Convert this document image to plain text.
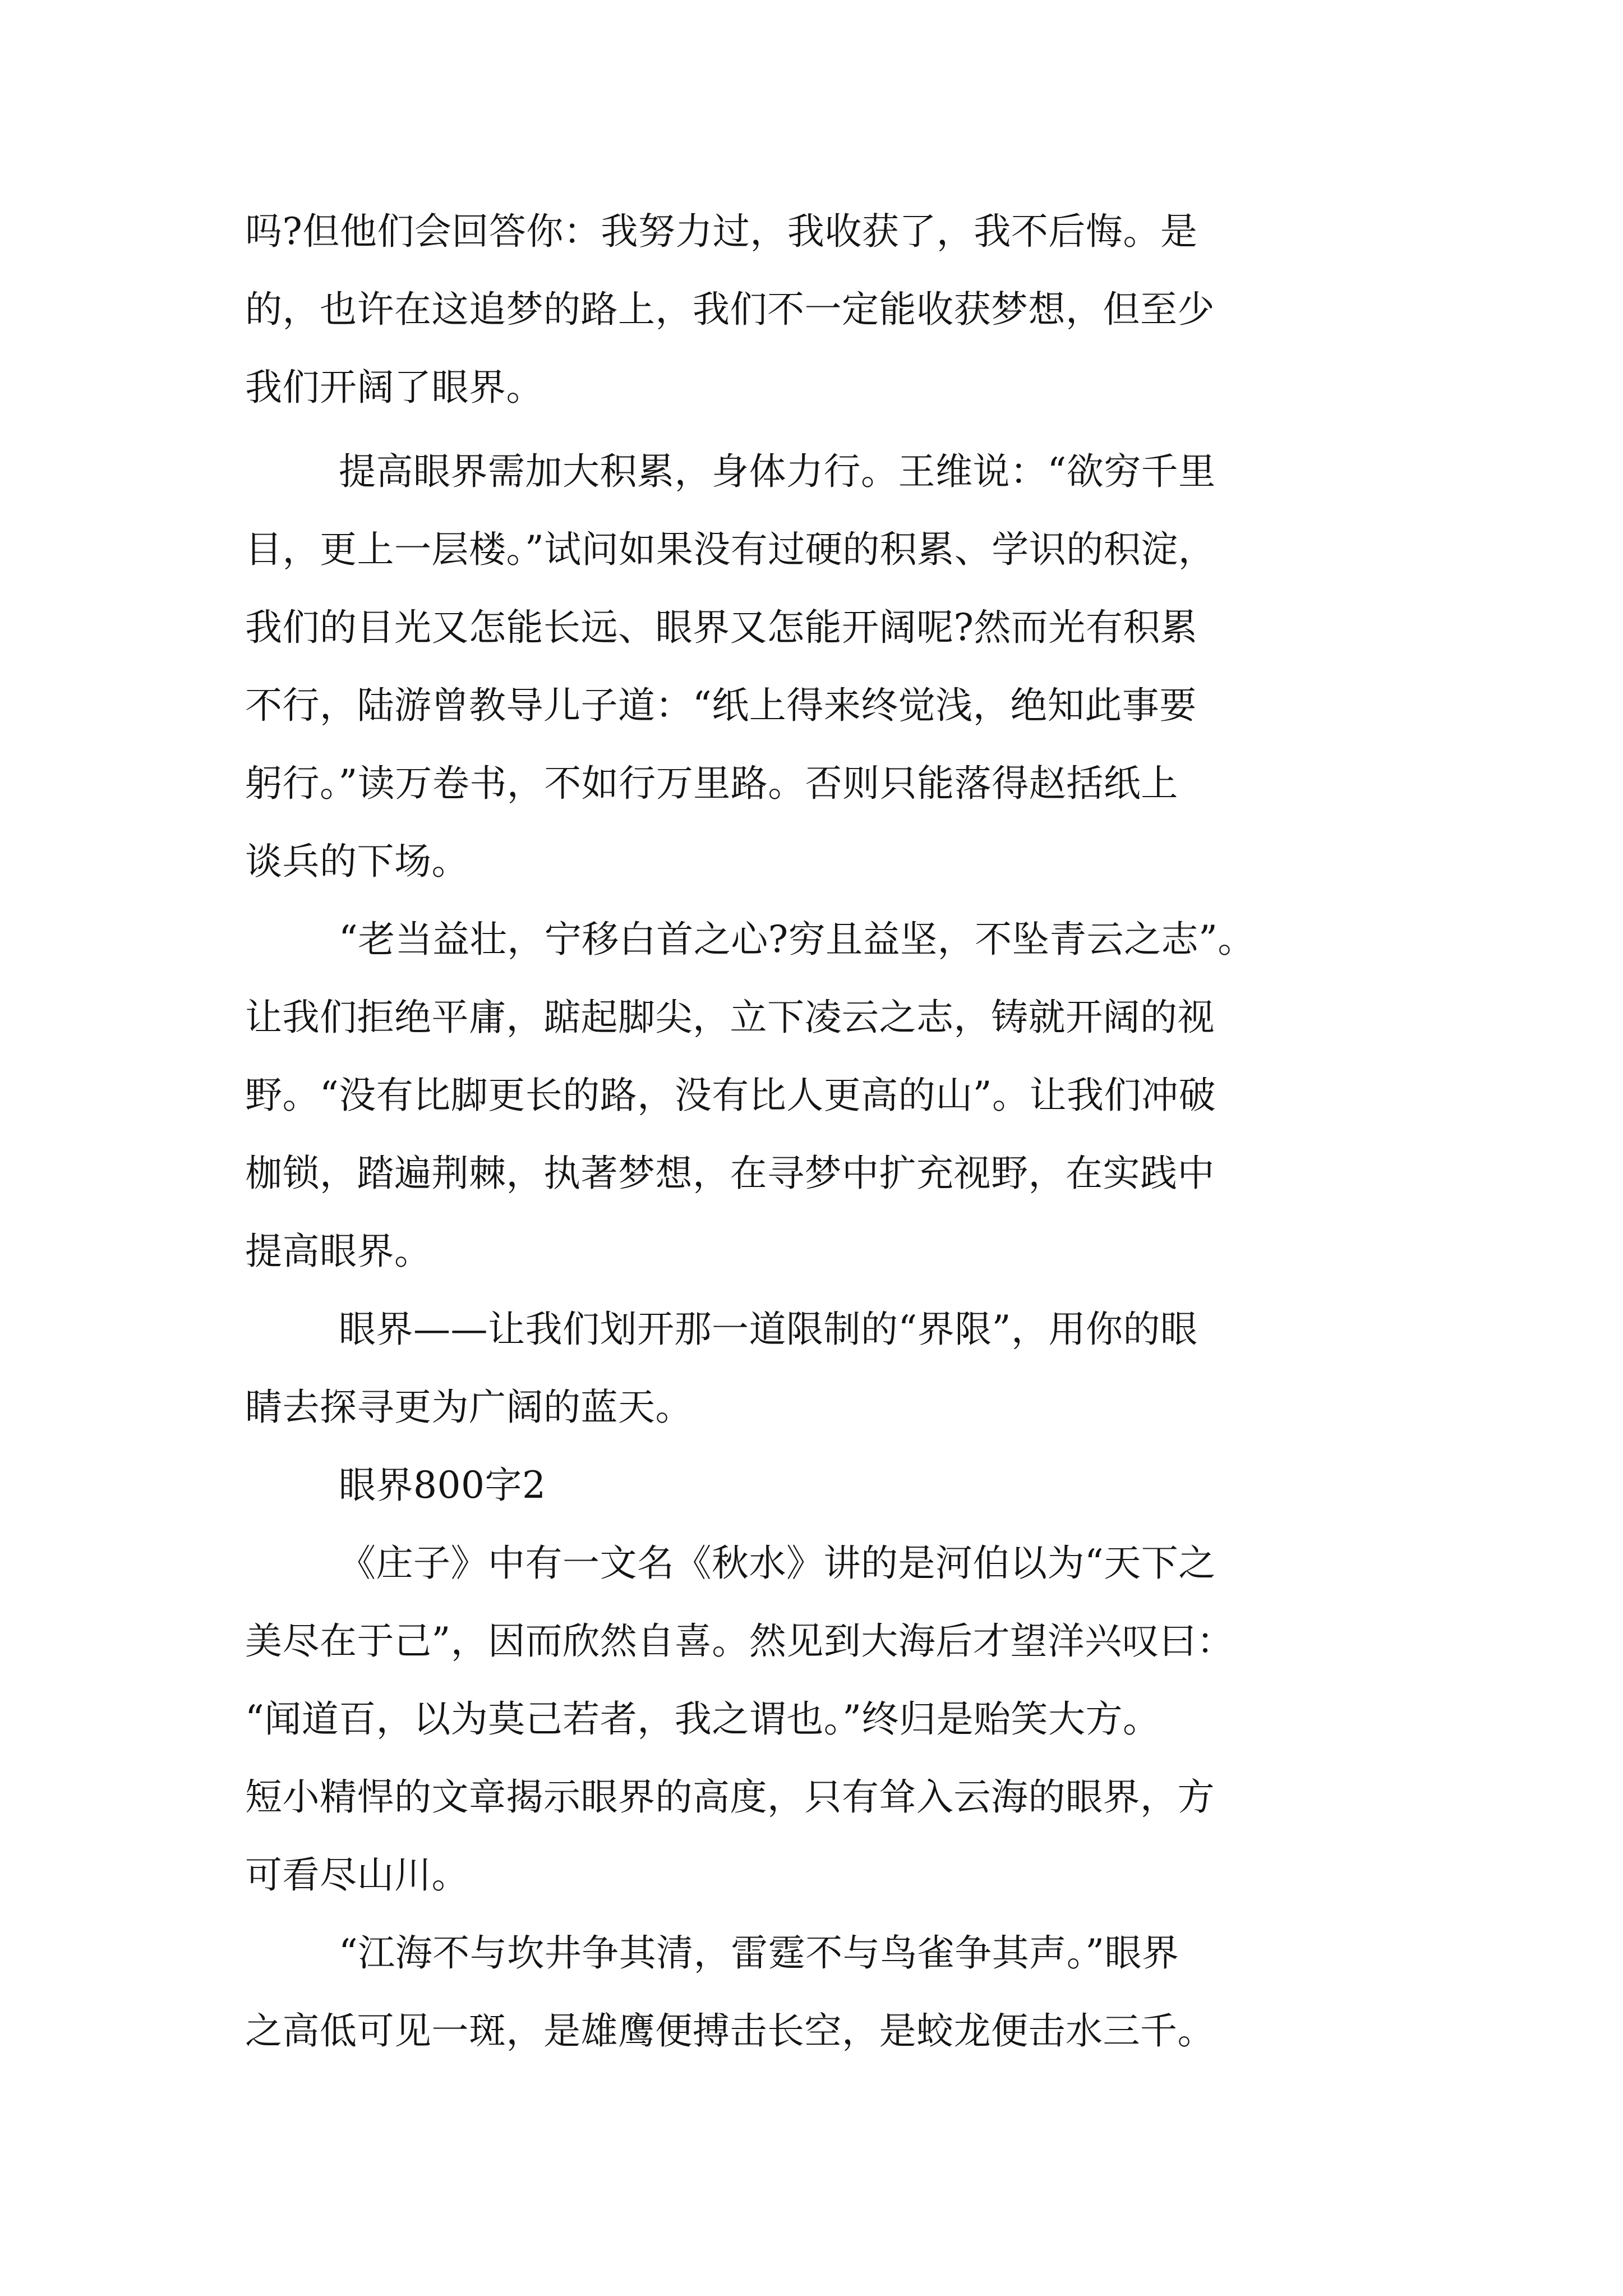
吗?但他们会回答你：我努力过，我收获了，我不后悔。是
的，也许在这追梦的路上，我们不一定能收获梦想，但至少
我们开阔了眼界。
提高眼界需加大积累，身体力行。王维说：“欲穷千里
目，更上一层楼。”试问如果没有过硬的积累、学识的积淀，
我们的目光又怎能长远、眼界又怎能开阔呢?然而光有积累
不行，陆游曾教导儿子道：“纸上得来终觉浅，绝知此事要
躬行。”读万卷书，不如行万里路。否则只能落得赵括纸上
谈兵的下场。
“老当益壮，宁移白首之心?穷且益坚，不坠青云之志”。
让我们拒绝平庸，踮起脚尖，立下凌云之志，铸就开阔的视
野。“没有比脚更长的路，没有比人更高的山”。让我们冲破
枷锁，踏遍荆棘，执著梦想，在寻梦中扩充视野，在实践中
提高眼界。
眼界——让我们划开那一道限制的“界限”，用你的眼
睛去探寻更为广阔的蓝天。
眼界800字2
《庄子》中有一文名《秋水》讲的是河伯以为“天下之
美尽在于己”，因而欣然自喜。然见到大海后才望洋兴叹曰：
“闻道百，以为莫己若者，我之谓也。”终归是贻笑大方。
短小精悍的文章揭示眼界的高度，只有耸入云海的眼界，方
可看尽山川。
“江海不与坎井争其清，雷霆不与鸟雀争其声。”眼界
之高低可见一斑，是雄鹰便搏击长空，是蛟龙便击水三千。
